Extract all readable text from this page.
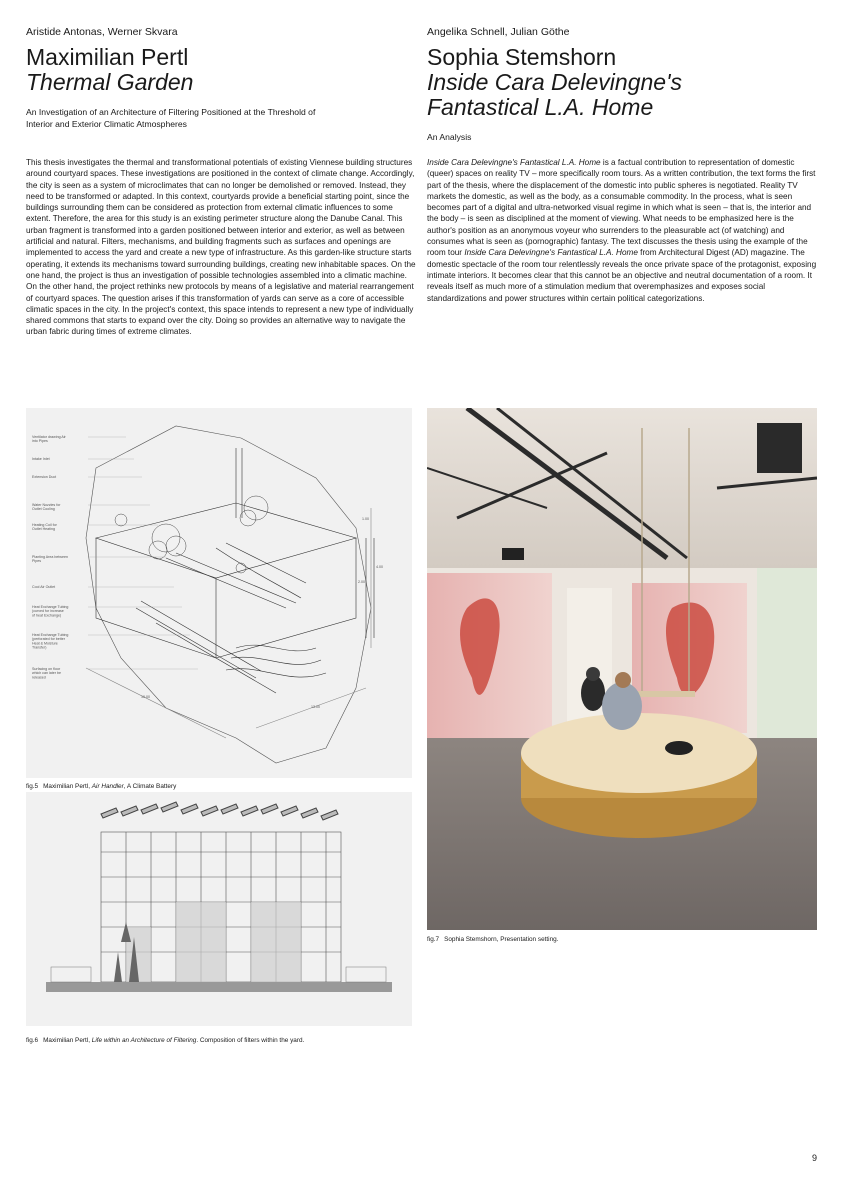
Aristide Antonas, Werner Skvara

Maximilian Pertl
Thermal Garden

An Investigation of an Architecture of Filtering Positioned at the Threshold of Interior and Exterior Climatic Atmospheres

This thesis investigates the thermal and transformational potentials of existing Viennese building structures around courtyard spaces. These investigations are positioned in the context of climate change. Accordingly, the city is seen as a system of microclimates that can no longer be demolished or removed. Instead, they need to be transformed or adapted. In this context, courtyards provide a beneficial starting point, since the buildings surrounding them can be considered as protection from external climatic influences to some extent. Therefore, the area for this study is an existing perimeter structure along the Danube Canal. This urban fragment is transformed into a garden positioned between interior and exterior, as well as between artificial and natural. Filters, mechanisms, and building fragments such as surfaces and openings are implemented to access the yard and create a new type of infrastructure. As this garden-like structure starts operating, it extends its mechanisms toward surrounding buildings, creating new inhabitable spaces. On the one hand, the project is thus an investigation of possible technologies assembled into a climatic machine. On the other hand, the project rethinks new protocols by means of a legislative and material rearrangement of courtyard spaces. The question arises if this transformation of yards can serve as a core of accessible climatic spaces in the city. In the project's context, this space intends to represent a new type of individually shared commons that starts to expand over the city. Doing so provides an alternative way to navigate the urban fabric during times of extreme climates.

Angelika Schnell, Julian Göthe

Sophia Stemshorn
Inside Cara Delevingne's
Fantastical L.A. Home

An Analysis

Inside Cara Delevingne's Fantastical L.A. Home is a factual contribution to representation of domestic (queer) spaces on reality TV – more specifically room tours. As a written contribution, the text forms the first part of the thesis, where the displacement of the domestic into public spheres is negotiated. Reality TV markets the domestic, as well as the body, as a consumable commodity. In the process, what is seen becomes part of a digital and ultra-networked visual regime in which what is seen – that is, the interior and the body – is seen as disciplined at the moment of viewing. What needs to be emphasized here is the author's position as an anonymous voyeur who surrenders to the pleasurable act (of watching) and consumes what is seen as (pornographic) fantasy. The text discusses the thesis using the example of the room tour Inside Cara Delevingne's Fantastical L.A. Home from Architectural Digest (AD) magazine. The domestic spectacle of the room tour relentlessly reveals the once private space of the protagonist, exposing intimate interiors. It becomes clear that this cannot be an objective and neutral documentation of a room. It reveals itself as much more of a stimulation medium that overemphasizes and exposes social standardizations and power structures within certain political categorizations.

Ventilator drawing Air into Pipes
Intake Inlet
Extension Duct
Water Nozzles for Outlet Cooling
Heating Coil for Outlet Heating
Planting Area between Pipes
Cool Air Outlet
Heat Exchange Tubing (curved for increase of heat Exchange)
Heat Exchange Tubing (perforated for better Heat & Moisture Transfer)
Surfacing on floor which can later be released
1.00
2.00
4.00
13.00
10.00
fig.5 Maximilian Pertl, Air Handler, A Climate Battery
fig.6 Maximilian Pertl, Life within an Architecture of Filtering. Composition of filters within the yard.
fig.7 Sophia Stemshorn, Presentation setting.
9
